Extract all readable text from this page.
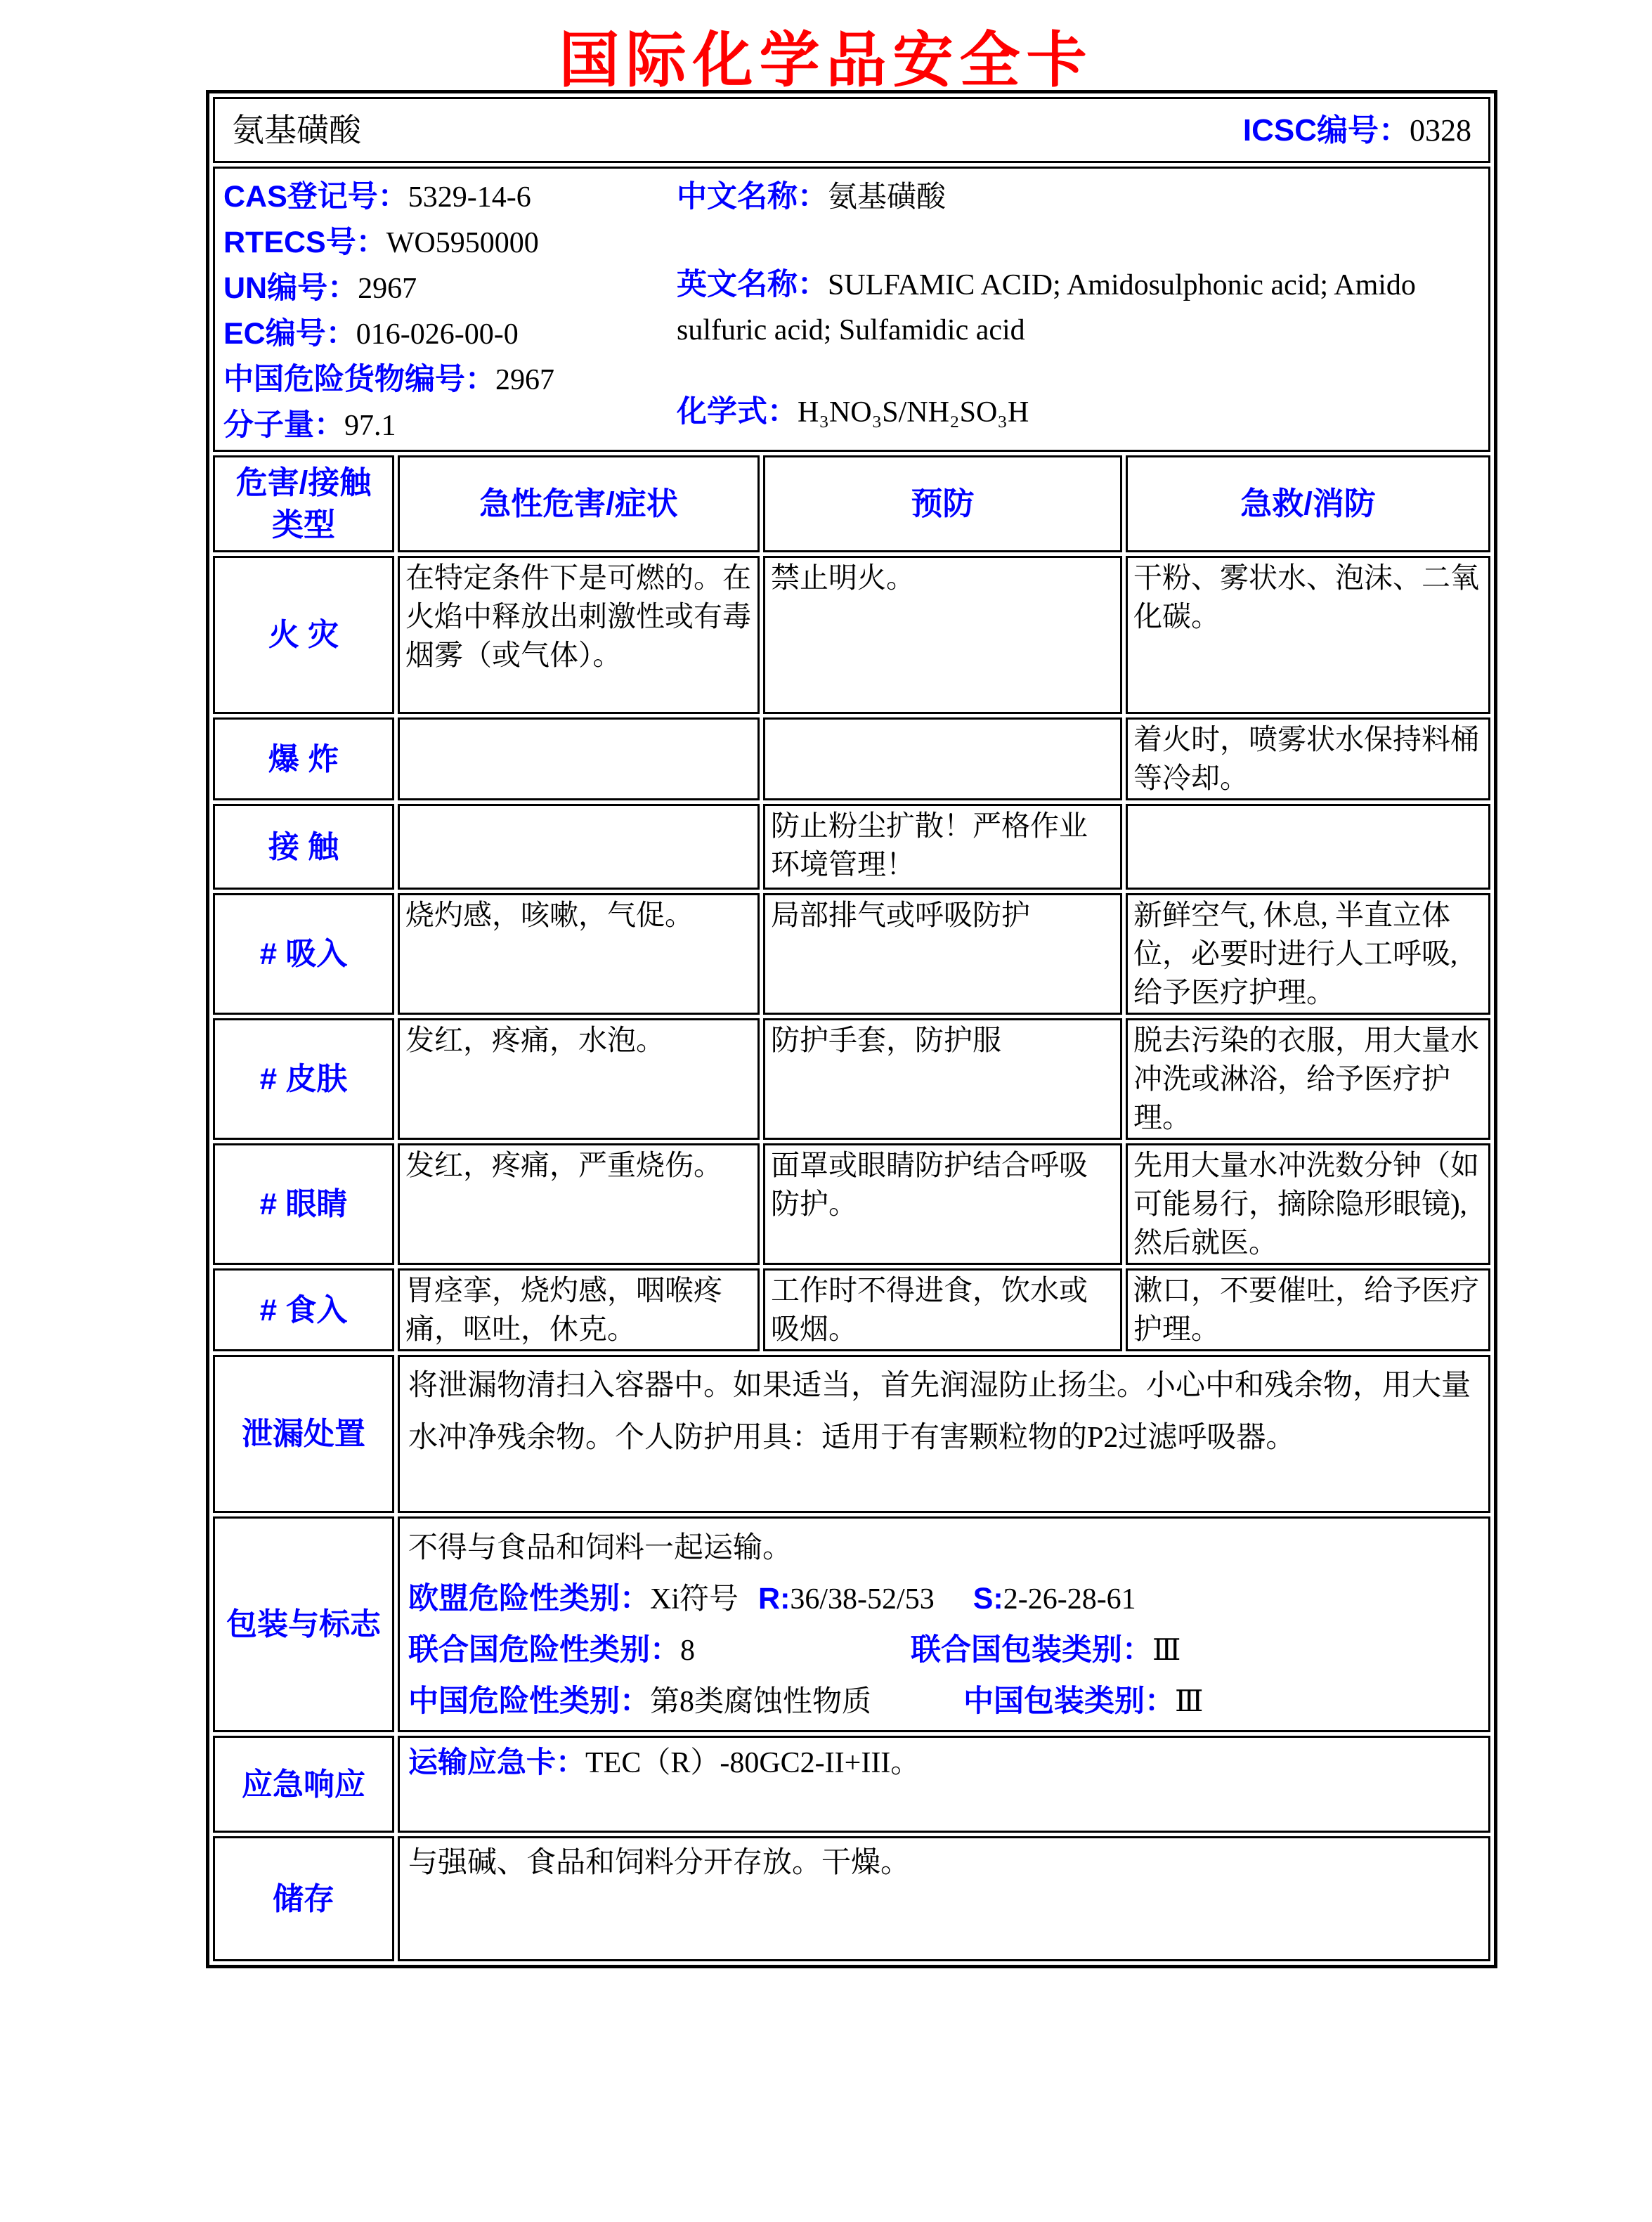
国际化学品安全卡
氨基磺酸 ICSC编号：0328			

CAS登记号：5329-14-6
RTECS号：WO5950000
UN编号：2967
EC编号：016-026-00-0
中国危险货物编号：2967
分子量：97.1
中文名称：氨基磺酸
英文名称：SULFAMIC ACID; Amidosulphonic acid; Amido sulfuric acid; Sulfamidic acid
化学式：H₃NO₃S/NH₂SO₃H

危害/接触
类型	急性危害/症状	预防	急救/消防
火 灾	在特定条件下是可燃的。在火焰中释放出刺激性或有毒烟雾（或气体）。	禁止明火。	干粉、雾状水、泡沫、二氧化碳。
爆 炸			着火时，喷雾状水保持料桶等冷却。
接 触		防止粉尘扩散！严格作业环境管理！	
# 吸入	烧灼感，咳嗽，气促。	局部排气或呼吸防护	新鲜空气, 休息, 半直立体位，必要时进行人工呼吸, 给予医疗护理。
# 皮肤	发红，疼痛，水泡。	防护手套，防护服	脱去污染的衣服，用大量水冲洗或淋浴，给予医疗护理。
# 眼睛	发红，疼痛，严重烧伤。	面罩或眼睛防护结合呼吸防护。	先用大量水冲洗数分钟（如可能易行，摘除隐形眼镜),然后就医。
# 食入	胃痉挛，烧灼感，咽喉疼痛，呕吐，休克。	工作时不得进食，饮水或吸烟。	漱口，不要催吐，给予医疗护理。
泄漏处置	将泄漏物清扫入容器中。如果适当，首先润湿防止扬尘。小心中和残余物，用大量水冲净残余物。个人防护用具：适用于有害颗粒物的P2过滤呼吸器。		
包装与标志	不得与食品和饲料一起运输。
欧盟危险性类别：Xi符号 R:36/38-52/53 S:2-26-28-61
联合国危险性类别：8 联合国包装类别：Ⅲ
中国危险性类别：第8类腐蚀性物质 中国包装类别：Ⅲ		

应急响应	运输应急卡：TEC（R）-80GC2-II+III。		
储存	与强碱、食品和饲料分开存放。干燥。		
